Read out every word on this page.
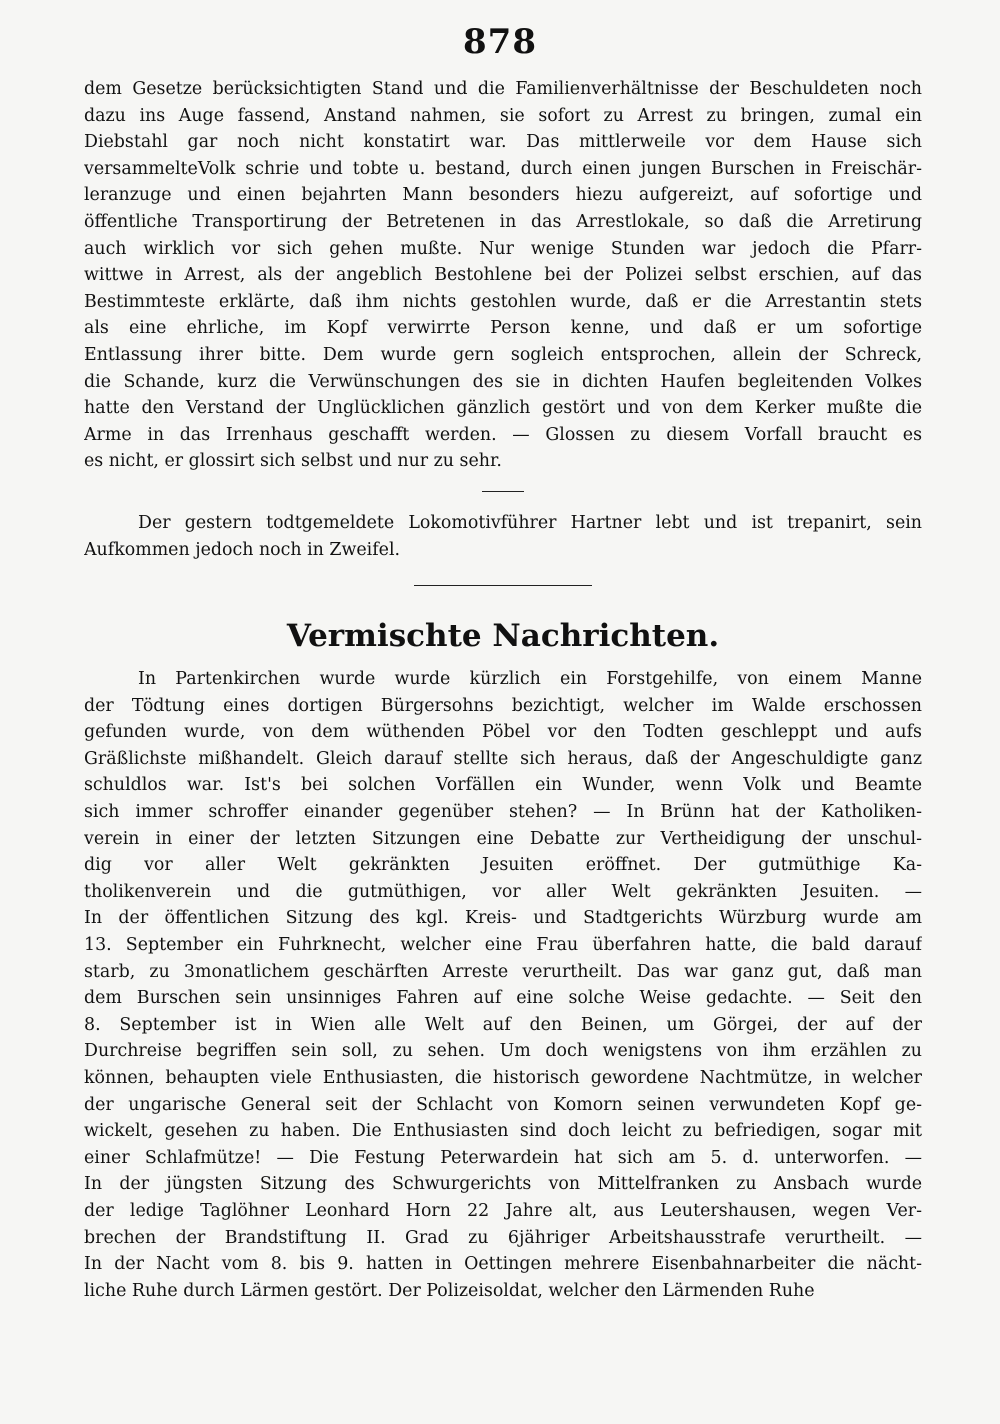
878
dem Gesetze berücksichtigten Stand und die Familienverhältnisse der Beschuldeten noch
dazu ins Auge fassend, Anstand nahmen, sie sofort zu Arrest zu bringen, zumal ein
Diebstahl gar noch nicht konstatirt war. Das mittlerweile vor dem Hause sich
versammelteVolk schrie und tobte u. bestand, durch einen jungen Burschen in Freischär-
leranzuge und einen bejahrten Mann besonders hiezu aufgereizt, auf sofortige und
öffentliche Transportirung der Betretenen in das Arrestlokale, so daß die Arretirung
auch wirklich vor sich gehen mußte. Nur wenige Stunden war jedoch die Pfarr-
wittwe in Arrest, als der angeblich Bestohlene bei der Polizei selbst erschien, auf das
Bestimmteste erklärte, daß ihm nichts gestohlen wurde, daß er die Arrestantin stets
als eine ehrliche, im Kopf verwirrte Person kenne, und daß er um sofortige
Entlassung ihrer bitte. Dem wurde gern sogleich entsprochen, allein der Schreck,
die Schande, kurz die Verwünschungen des sie in dichten Haufen begleitenden Volkes
hatte den Verstand der Unglücklichen gänzlich gestört und von dem Kerker mußte die
Arme in das Irrenhaus geschafft werden. — Glossen zu diesem Vorfall braucht es
es nicht, er glossirt sich selbst und nur zu sehr.
Der gestern todtgemeldete Lokomotivführer Hartner lebt und ist trepanirt, sein
Aufkommen jedoch noch in Zweifel.
Vermischte Nachrichten.
In Partenkirchen wurde wurde kürzlich ein Forstgehilfe, von einem Manne
der Tödtung eines dortigen Bürgersohns bezichtigt, welcher im Walde erschossen
gefunden wurde, von dem wüthenden Pöbel vor den Todten geschleppt und aufs
Gräßlichste mißhandelt. Gleich darauf stellte sich heraus, daß der Angeschuldigte ganz
schuldlos war. Ist's bei solchen Vorfällen ein Wunder, wenn Volk und Beamte
sich immer schroffer einander gegenüber stehen? — In Brünn hat der Katholiken-
verein in einer der letzten Sitzungen eine Debatte zur Vertheidigung der unschul-
dig vor aller Welt gekränkten Jesuiten eröffnet. Der gutmüthige Ka-
tholikenverein und die gutmüthigen, vor aller Welt gekränkten Jesuiten. —
In der öffentlichen Sitzung des kgl. Kreis- und Stadtgerichts Würzburg wurde am
13. September ein Fuhrknecht, welcher eine Frau überfahren hatte, die bald darauf
starb, zu 3monatlichem geschärften Arreste verurtheilt. Das war ganz gut, daß man
dem Burschen sein unsinniges Fahren auf eine solche Weise gedachte. — Seit den
8. September ist in Wien alle Welt auf den Beinen, um Görgei, der auf der
Durchreise begriffen sein soll, zu sehen. Um doch wenigstens von ihm erzählen zu
können, behaupten viele Enthusiasten, die historisch gewordene Nachtmütze, in welcher
der ungarische General seit der Schlacht von Komorn seinen verwundeten Kopf ge-
wickelt, gesehen zu haben. Die Enthusiasten sind doch leicht zu befriedigen, sogar mit
einer Schlafmütze! — Die Festung Peterwardein hat sich am 5. d. unterworfen. —
In der jüngsten Sitzung des Schwurgerichts von Mittelfranken zu Ansbach wurde
der ledige Taglöhner Leonhard Horn 22 Jahre alt, aus Leutershausen, wegen Ver-
brechen der Brandstiftung II. Grad zu 6jähriger Arbeitshausstrafe verurtheilt. —
In der Nacht vom 8. bis 9. hatten in Oettingen mehrere Eisenbahnarbeiter die nächt-
liche Ruhe durch Lärmen gestört. Der Polizeisoldat, welcher den Lärmenden Ruhe
